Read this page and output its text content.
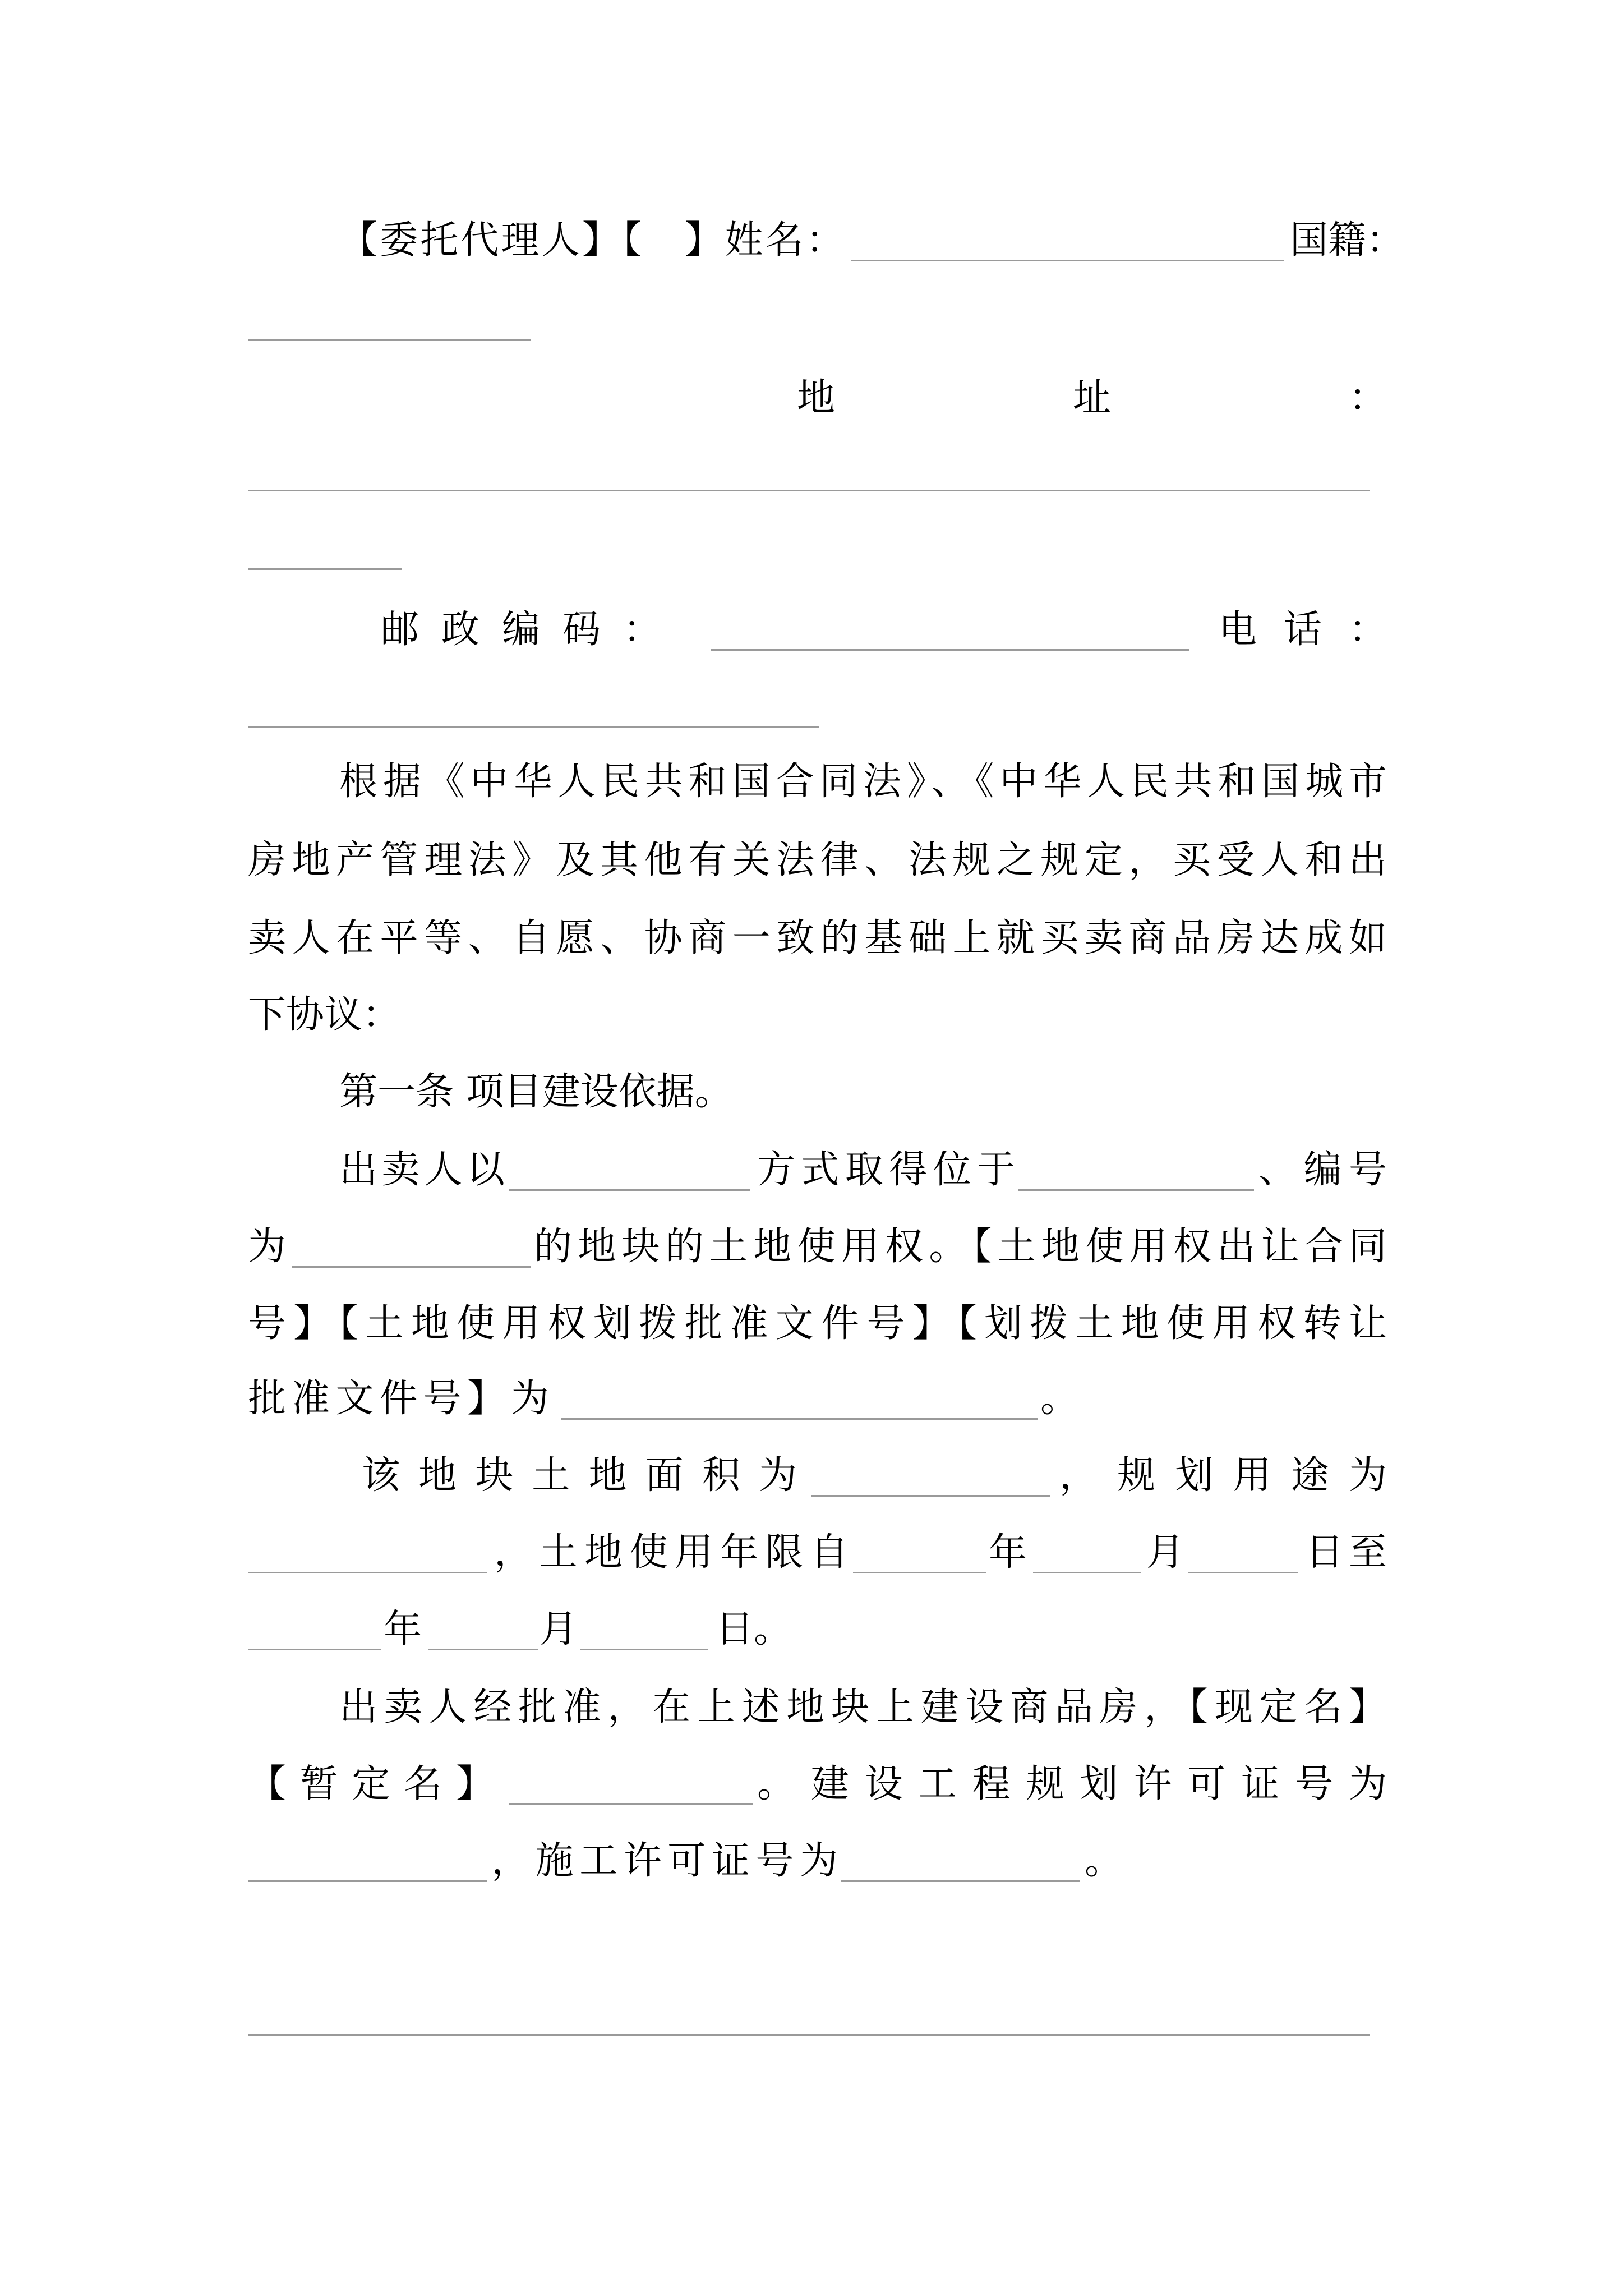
【委托代理人】【　】姓名：	国籍：
地址：
邮政编码：	电话：
根据《中华人民共和国合同法》、《中华人民共和国城市
房地产管理法》及其他有关法律、法规之规定，买受人和出
卖人在平等、自愿、协商一致的基础上就买卖商品房达成如
下协议：
第一条 项目建设依据。
出卖人以	方式取得位于	、编号
为	的地块的土地使用权。【土地使用权出让合同
号】【土地使用权划拨批准文件号】【划拨土地使用权转让
批准文件号】为	。
该地块土地面积为	，规划用途为
，土地使用年限自	年	月	日至
年	月	日。
出卖人经批准，在上述地块上建设商品房，【现定名】
【暂定名】	。建设工程规划许可证号为
，施工许可证号为	。
